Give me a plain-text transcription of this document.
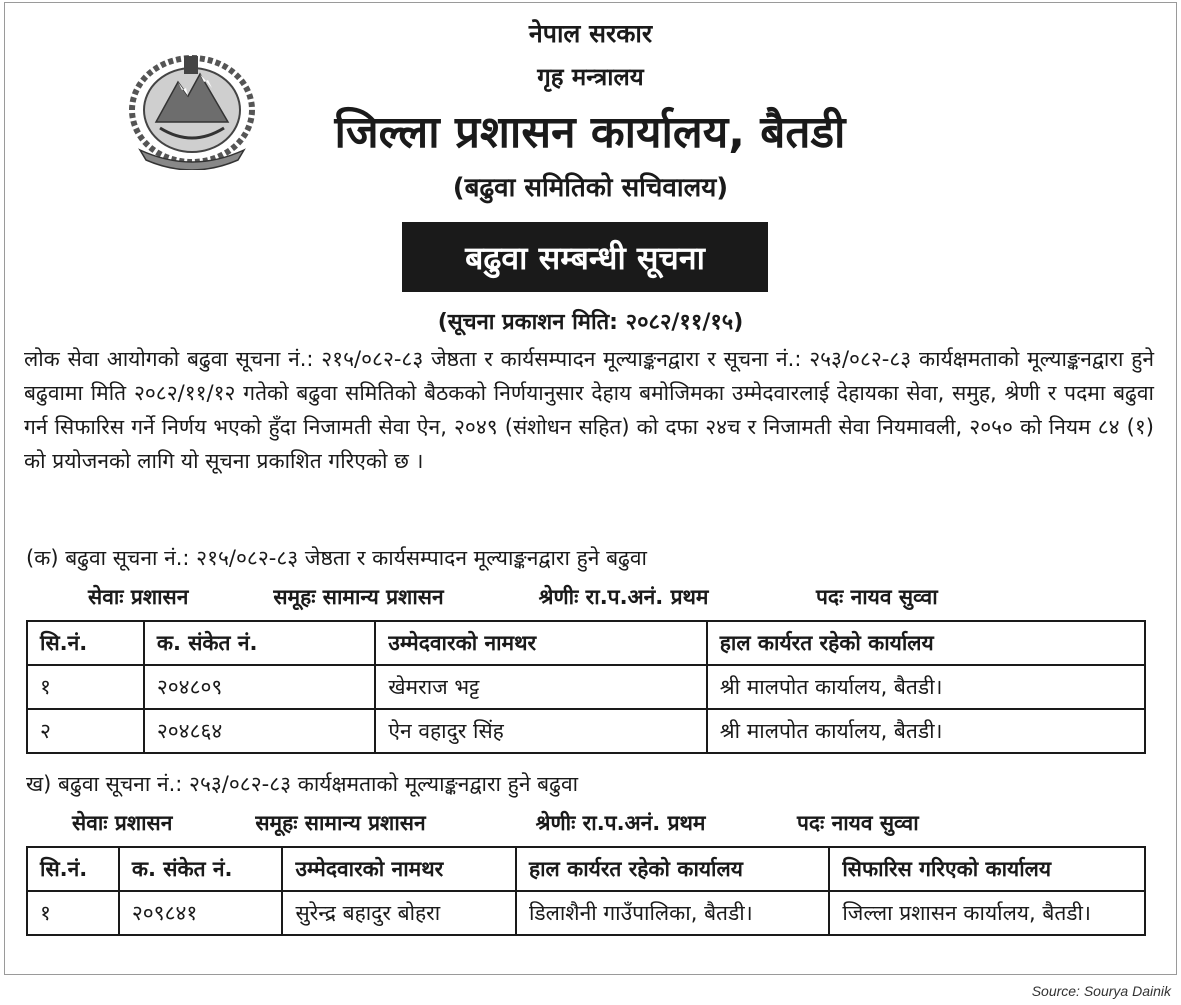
नेपाल सरकार
गृह मन्त्रालय
जिल्ला प्रशासन कार्यालय, बैतडी
(बढुवा समितिको सचिवालय)
बढुवा सम्बन्धी सूचना
(सूचना प्रकाशन मिति: २०८२/११/१५)

लोक सेवा आयोगको बढुवा सूचना नं.: २१५/०८२-८३ जेष्ठता र कार्यसम्पादन मूल्याङ्कनद्वारा र सूचना नं.: २५३/०८२-८३ कार्यक्षमताको मूल्याङ्कनद्वारा हुने बढुवामा मिति २०८२/११/१२ गतेको बढुवा समितिको बैठकको निर्णयानुसार देहाय बमोजिमका उम्मेदवारलाई देहायका सेवा, समुह, श्रेणी र पदमा बढुवा गर्न सिफारिस गर्ने निर्णय भएको हुँदा निजामती सेवा ऐन, २०४९ (संशोधन सहित) को दफा २४च र निजामती सेवा नियमावली, २०५० को नियम ८४ (१) को प्रयोजनको लागि यो सूचना प्रकाशित गरिएको छ ।

(क) बढुवा सूचना नं.: २१५/०८२-८३ जेष्ठता र कार्यसम्पादन मूल्याङ्कनद्वारा हुने बढुवा
सेवाः प्रशासन	समूहः सामान्य प्रशासन	श्रेणीः रा.प.अनं. प्रथम	पदः नायव सुव्वा
सि.नं.	क. संकेत नं.	उम्मेदवारको नामथर	हाल कार्यरत रहेको कार्यालय
१	२०४८०९	खेमराज भट्ट	श्री मालपोत कार्यालय, बैतडी।
२	२०४८६४	ऐन वहादुर सिंह	श्री मालपोत कार्यालय, बैतडी।
ख) बढुवा सूचना नं.: २५३/०८२-८३ कार्यक्षमताको मूल्याङ्कनद्वारा हुने बढुवा
सेवाः प्रशासन	समूहः सामान्य प्रशासन	श्रेणीः रा.प.अनं. प्रथम	पदः नायव सुव्वा
सि.नं.	क. संकेत नं.	उम्मेदवारको नामथर	हाल कार्यरत रहेको कार्यालय	सिफारिस गरिएको कार्यालय
१	२०९८४१	सुरेन्द्र बहादुर बोहरा	डिलाशैनी गाउँपालिका, बैतडी।	जिल्ला प्रशासन कार्यालय, बैतडी।
Source: Sourya Dainik
